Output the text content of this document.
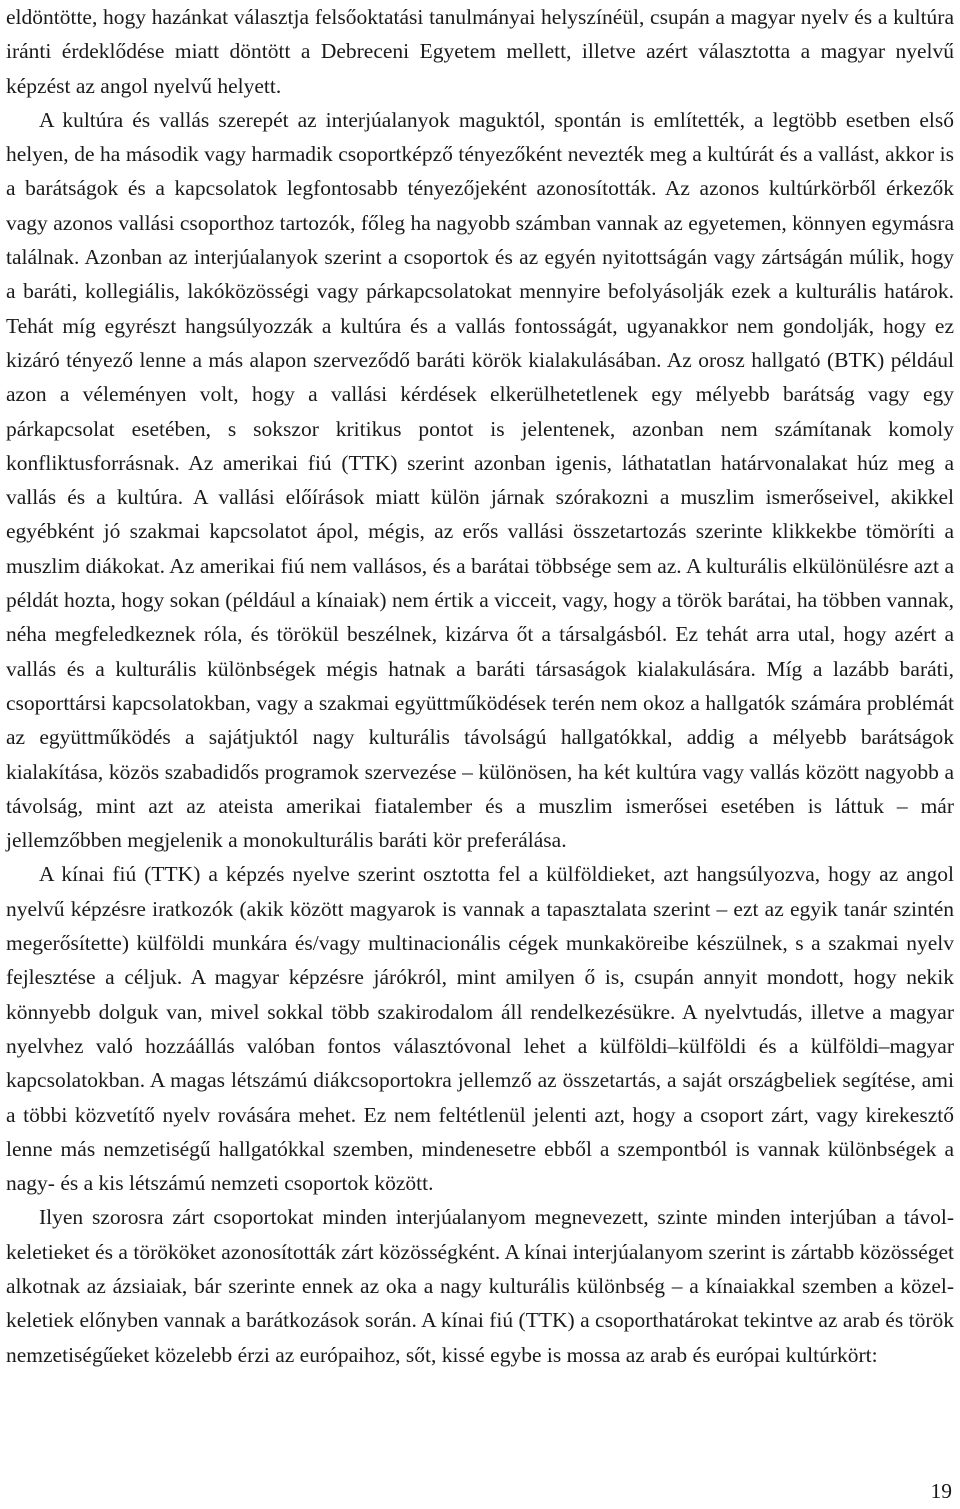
eldöntötte, hogy hazánkat választja felsőoktatási tanulmányai helyszínéül, csupán a magyar nyelv és a kultúra iránti érdeklődése miatt döntött a Debreceni Egyetem mellett, illetve azért választotta a magyar nyelvű képzést az angol nyelvű helyett.

A kultúra és vallás szerepét az interjúalanyok maguktól, spontán is említették, a legtöbb esetben első helyen, de ha második vagy harmadik csoportképző tényezőként nevezték meg a kultúrát és a vallást, akkor is a barátságok és a kapcsolatok legfontosabb tényezőjeként azonosították. Az azonos kultúrkörből érkezők vagy azonos vallási csoporthoz tartozók, főleg ha nagyobb számban vannak az egyetemen, könnyen egymásra találnak. Azonban az interjúalanyok szerint a csoportok és az egyén nyitottságán vagy zártságán múlik, hogy a baráti, kollegiális, lakóközösségi vagy párkapcsolatokat mennyire befolyásolják ezek a kulturális határok. Tehát míg egyrészt hangsúlyozzák a kultúra és a vallás fontosságát, ugyanakkor nem gondolják, hogy ez kizáró tényező lenne a más alapon szerveződő baráti körök kialakulásában. Az orosz hallgató (BTK) például azon a véleményen volt, hogy a vallási kérdések elkerülhetetlenek egy mélyebb barátság vagy egy párkapcsolat esetében, s sokszor kritikus pontot is jelentenek, azonban nem számítanak komoly konfliktusforrásnak. Az amerikai fiú (TTK) szerint azonban igenis, láthatatlan határvonalakat húz meg a vallás és a kultúra. A vallási előírások miatt külön járnak szórakozni a muszlim ismerőseivel, akikkel egyébként jó szakmai kapcsolatot ápol, mégis, az erős vallási összetartozás szerinte klikkekbe tömöríti a muszlim diákokat. Az amerikai fiú nem vallásos, és a barátai többsége sem az. A kulturális elkülönülésre azt a példát hozta, hogy sokan (például a kínaiak) nem értik a vicceit, vagy, hogy a török barátai, ha többen vannak, néha megfeledkeznek róla, és törökül beszélnek, kizárva őt a társalgásból. Ez tehát arra utal, hogy azért a vallás és a kulturális különbségek mégis hatnak a baráti társaságok kialakulására. Míg a lazább baráti, csoporttársi kapcsolatokban, vagy a szakmai együttműködések terén nem okoz a hallgatók számára problémát az együttműködés a sajátjuktól nagy kulturális távolságú hallgatókkal, addig a mélyebb barátságok kialakítása, közös szabadidős programok szervezése – különösen, ha két kultúra vagy vallás között nagyobb a távolság, mint azt az ateista amerikai fiatalember és a muszlim ismerősei esetében is láttuk – már jellemzőbben megjelenik a monokulturális baráti kör preferálása.

A kínai fiú (TTK) a képzés nyelve szerint osztotta fel a külföldieket, azt hangsúlyozva, hogy az angol nyelvű képzésre iratkozók (akik között magyarok is vannak a tapasztalata szerint – ezt az egyik tanár szintén megerősítette) külföldi munkára és/vagy multinacionális cégek munkaköreibe készülnek, s a szakmai nyelv fejlesztése a céljuk. A magyar képzésre járókról, mint amilyen ő is, csupán annyit mondott, hogy nekik könnyebb dolguk van, mivel sokkal több szakirodalom áll rendelkezésükre. A nyelvtudás, illetve a magyar nyelvhez való hozzáállás valóban fontos választóvonal lehet a külföldi–külföldi és a külföldi–magyar kapcsolatokban. A magas létszámú diákcsoportokra jellemző az összetartás, a saját országbeliek segítése, ami a többi közvetítő nyelv rovására mehet. Ez nem feltétlenül jelenti azt, hogy a csoport zárt, vagy kirekesztő lenne más nemzetiségű hallgatókkal szemben, mindenesetre ebből a szempontból is vannak különbségek a nagy- és a kis létszámú nemzeti csoportok között.

Ilyen szorosra zárt csoportokat minden interjúalanyom megnevezett, szinte minden interjúban a távol-keletieket és a törököket azonosították zárt közösségként. A kínai interjúalanyom szerint is zártabb közösséget alkotnak az ázsiaiak, bár szerinte ennek az oka a nagy kulturális különbség – a kínaiakkal szemben a közel-keletiek előnyben vannak a barátkozások során. A kínai fiú (TTK) a csoporthatárokat tekintve az arab és török nemzetiségűeket közelebb érzi az európaihoz, sőt, kissé egybe is mossa az arab és európai kultúrkört:

19
